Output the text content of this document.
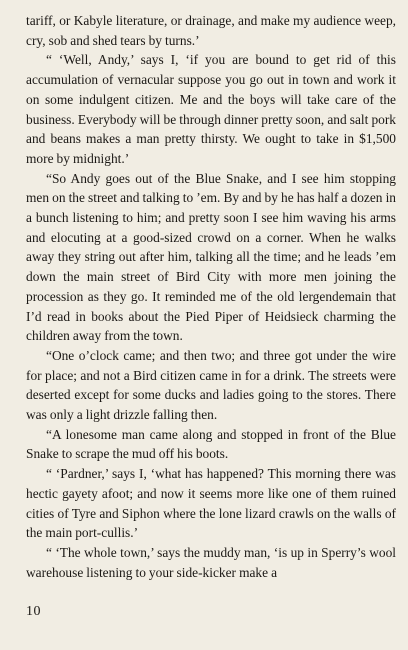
tariff, or Kabyle literature, or drainage, and make my audience weep, cry, sob and shed tears by turns.’

“ ‘Well, Andy,’ says I, ‘if you are bound to get rid of this accumulation of vernacular suppose you go out in town and work it on some indulgent citizen. Me and the boys will take care of the business. Everybody will be through dinner pretty soon, and salt pork and beans makes a man pretty thirsty. We ought to take in $1,500 more by midnight.’

“So Andy goes out of the Blue Snake, and I see him stopping men on the street and talking to ’em. By and by he has half a dozen in a bunch listening to him; and pretty soon I see him waving his arms and elocuting at a good-sized crowd on a corner. When he walks away they string out after him, talking all the time; and he leads ’em down the main street of Bird City with more men joining the procession as they go. It reminded me of the old lergendemain that I’d read in books about the Pied Piper of Heidsieck charming the children away from the town.

“One o’clock came; and then two; and three got under the wire for place; and not a Bird citizen came in for a drink. The streets were deserted except for some ducks and ladies going to the stores. There was only a light drizzle falling then.

“A lonesome man came along and stopped in front of the Blue Snake to scrape the mud off his boots.

“ ‘Pardner,’ says I, ‘what has happened? This morning there was hectic gayety afoot; and now it seems more like one of them ruined cities of Tyre and Siphon where the lone lizard crawls on the walls of the main port-cullis.’

“ ‘The whole town,’ says the muddy man, ‘is up in Sperry’s wool warehouse listening to your side-kicker make a

10
